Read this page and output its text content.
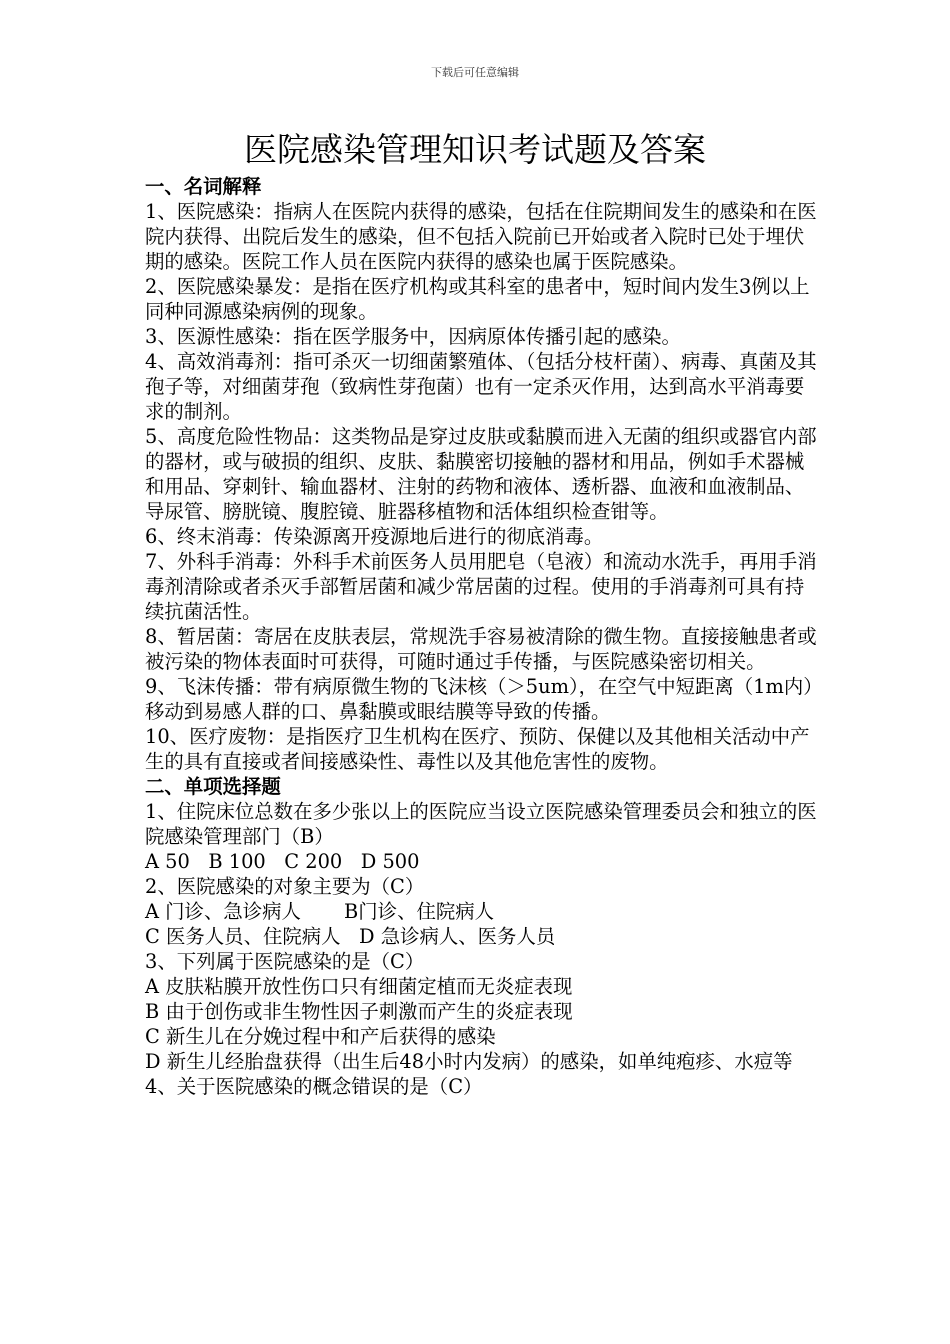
下载后可任意编辑
医院感染管理知识考试题及答案

一、名词解释

1、医院感染：指病人在医院内获得的感染，包括在住院期间发生的感染和在医院内获得、出院后发生的感染，但不包括入院前已开始或者入院时已处于埋伏期的感染。医院工作人员在医院内获得的感染也属于医院感染。

2、医院感染暴发：是指在医疗机构或其科室的患者中，短时间内发生3例以上同种同源感染病例的现象。

3、医源性感染：指在医学服务中，因病原体传播引起的感染。

4、高效消毒剂：指可杀灭一切细菌繁殖体、（包括分枝杆菌）、病毒、真菌及其孢子等，对细菌芽孢（致病性芽孢菌）也有一定杀灭作用，达到高水平消毒要求的制剂。

5、高度危险性物品：这类物品是穿过皮肤或黏膜而进入无菌的组织或器官内部的器材，或与破损的组织、皮肤、黏膜密切接触的器材和用品，例如手术器械和用品、穿刺针、输血器材、注射的药物和液体、透析器、血液和血液制品、导尿管、膀胱镜、腹腔镜、脏器移植物和活体组织检查钳等。

6、终末消毒：传染源离开疫源地后进行的彻底消毒。

7、外科手消毒：外科手术前医务人员用肥皂（皂液）和流动水洗手，再用手消毒剂清除或者杀灭手部暂居菌和减少常居菌的过程。使用的手消毒剂可具有持续抗菌活性。

8、暂居菌：寄居在皮肤表层，常规洗手容易被清除的微生物。直接接触患者或被污染的物体表面时可获得，可随时通过手传播，与医院感染密切相关。

9、飞沫传播：带有病原微生物的飞沫核（＞5um），在空气中短距离（1m内）移动到易感人群的口、鼻黏膜或眼结膜等导致的传播。

10、医疗废物：是指医疗卫生机构在医疗、预防、保健以及其他相关活动中产生的具有直接或者间接感染性、毒性以及其他危害性的废物。

二、单项选择题

1、住院床位总数在多少张以上的医院应当设立医院感染管理委员会和独立的医院感染管理部门（B）

A 50   B 100   C 200   D 500

2、医院感染的对象主要为（C）

A 门诊、急诊病人       B门诊、住院病人

C 医务人员、住院病人   D 急诊病人、医务人员

3、下列属于医院感染的是（C）

A 皮肤粘膜开放性伤口只有细菌定植而无炎症表现

B 由于创伤或非生物性因子刺激而产生的炎症表现

C 新生儿在分娩过程中和产后获得的感染

D 新生儿经胎盘获得（出生后48小时内发病）的感染，如单纯疱疹、水痘等

4、关于医院感染的概念错误的是（C）
